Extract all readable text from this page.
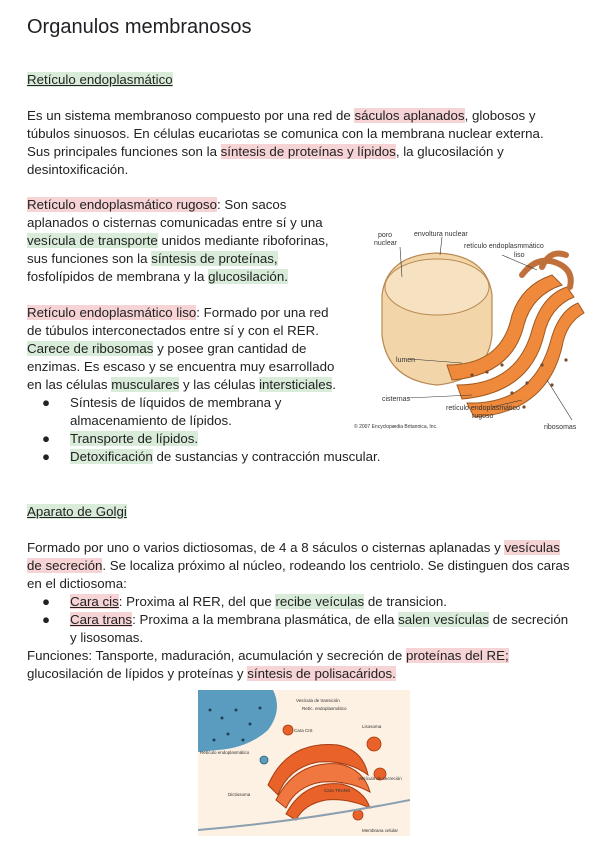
Organulos membranosos
Retículo endoplasmático
Es un sistema membranoso compuesto por una red de sáculos aplanados, globosos y túbulos sinuosos. En células eucariotas se comunica con la membrana nuclear externa. Sus principales funciones son la síntesis de proteínas y lípidos, la glucosilación y desintoxificación.
Retículo endoplasmático rugoso: Son sacos aplanados o cisternas comunicadas entre sí y una vesícula de transporte unidos mediante riboforinas, sus funciones son la síntesis de proteínas, fosfolípidos de membrana y la glucosilación.
Retículo endoplasmático liso: Formado por una red de túbulos interconectados entre sí y con el RER. Carece de ribosomas y posee gran cantidad de enzimas. Es escaso y se encuentra muy esarrollado en las células musculares y las células intersticiales.
● Síntesis de líquidos de membrana y almacenamiento de lípidos.
● Transporte de lípidos.
● Detoxificación de sustancias y contracción muscular.
poro
nuclear
envoltura nuclear
retículo endoplasmmático
liso
lumen
cisternas
retículo endoplasmático
rugoso
ribosomas
© 2007 Encyclopædia Britannica, Inc.
Aparato de Golgi
Formado por uno o varios dictiosomas, de 4 a 8 sáculos o cisternas aplanadas y vesículas de secreción. Se localiza próximo al núcleo, rodeando los centriolo. Se distinguen dos caras en el dictiosoma:
● Cara cis: Proxima al RER, del que recibe veículas de transicion.
● Cara trans: Proxima a la membrana plasmática, de ella salen vesículas de secreción y lisosomas.
Funciones: Tansporte, maduración, acumulación y secreción de proteínas del RE;
glucosilación de lípidos y proteínas y síntesis de polisacáridos.
Vesícula de transición
Retíc. endoplasmático
Cara CIS
Lisosoma
Retículo endoplasmático
Cara TRANS
Vesícula de secreción
Dictiosoma
Membrana celular
